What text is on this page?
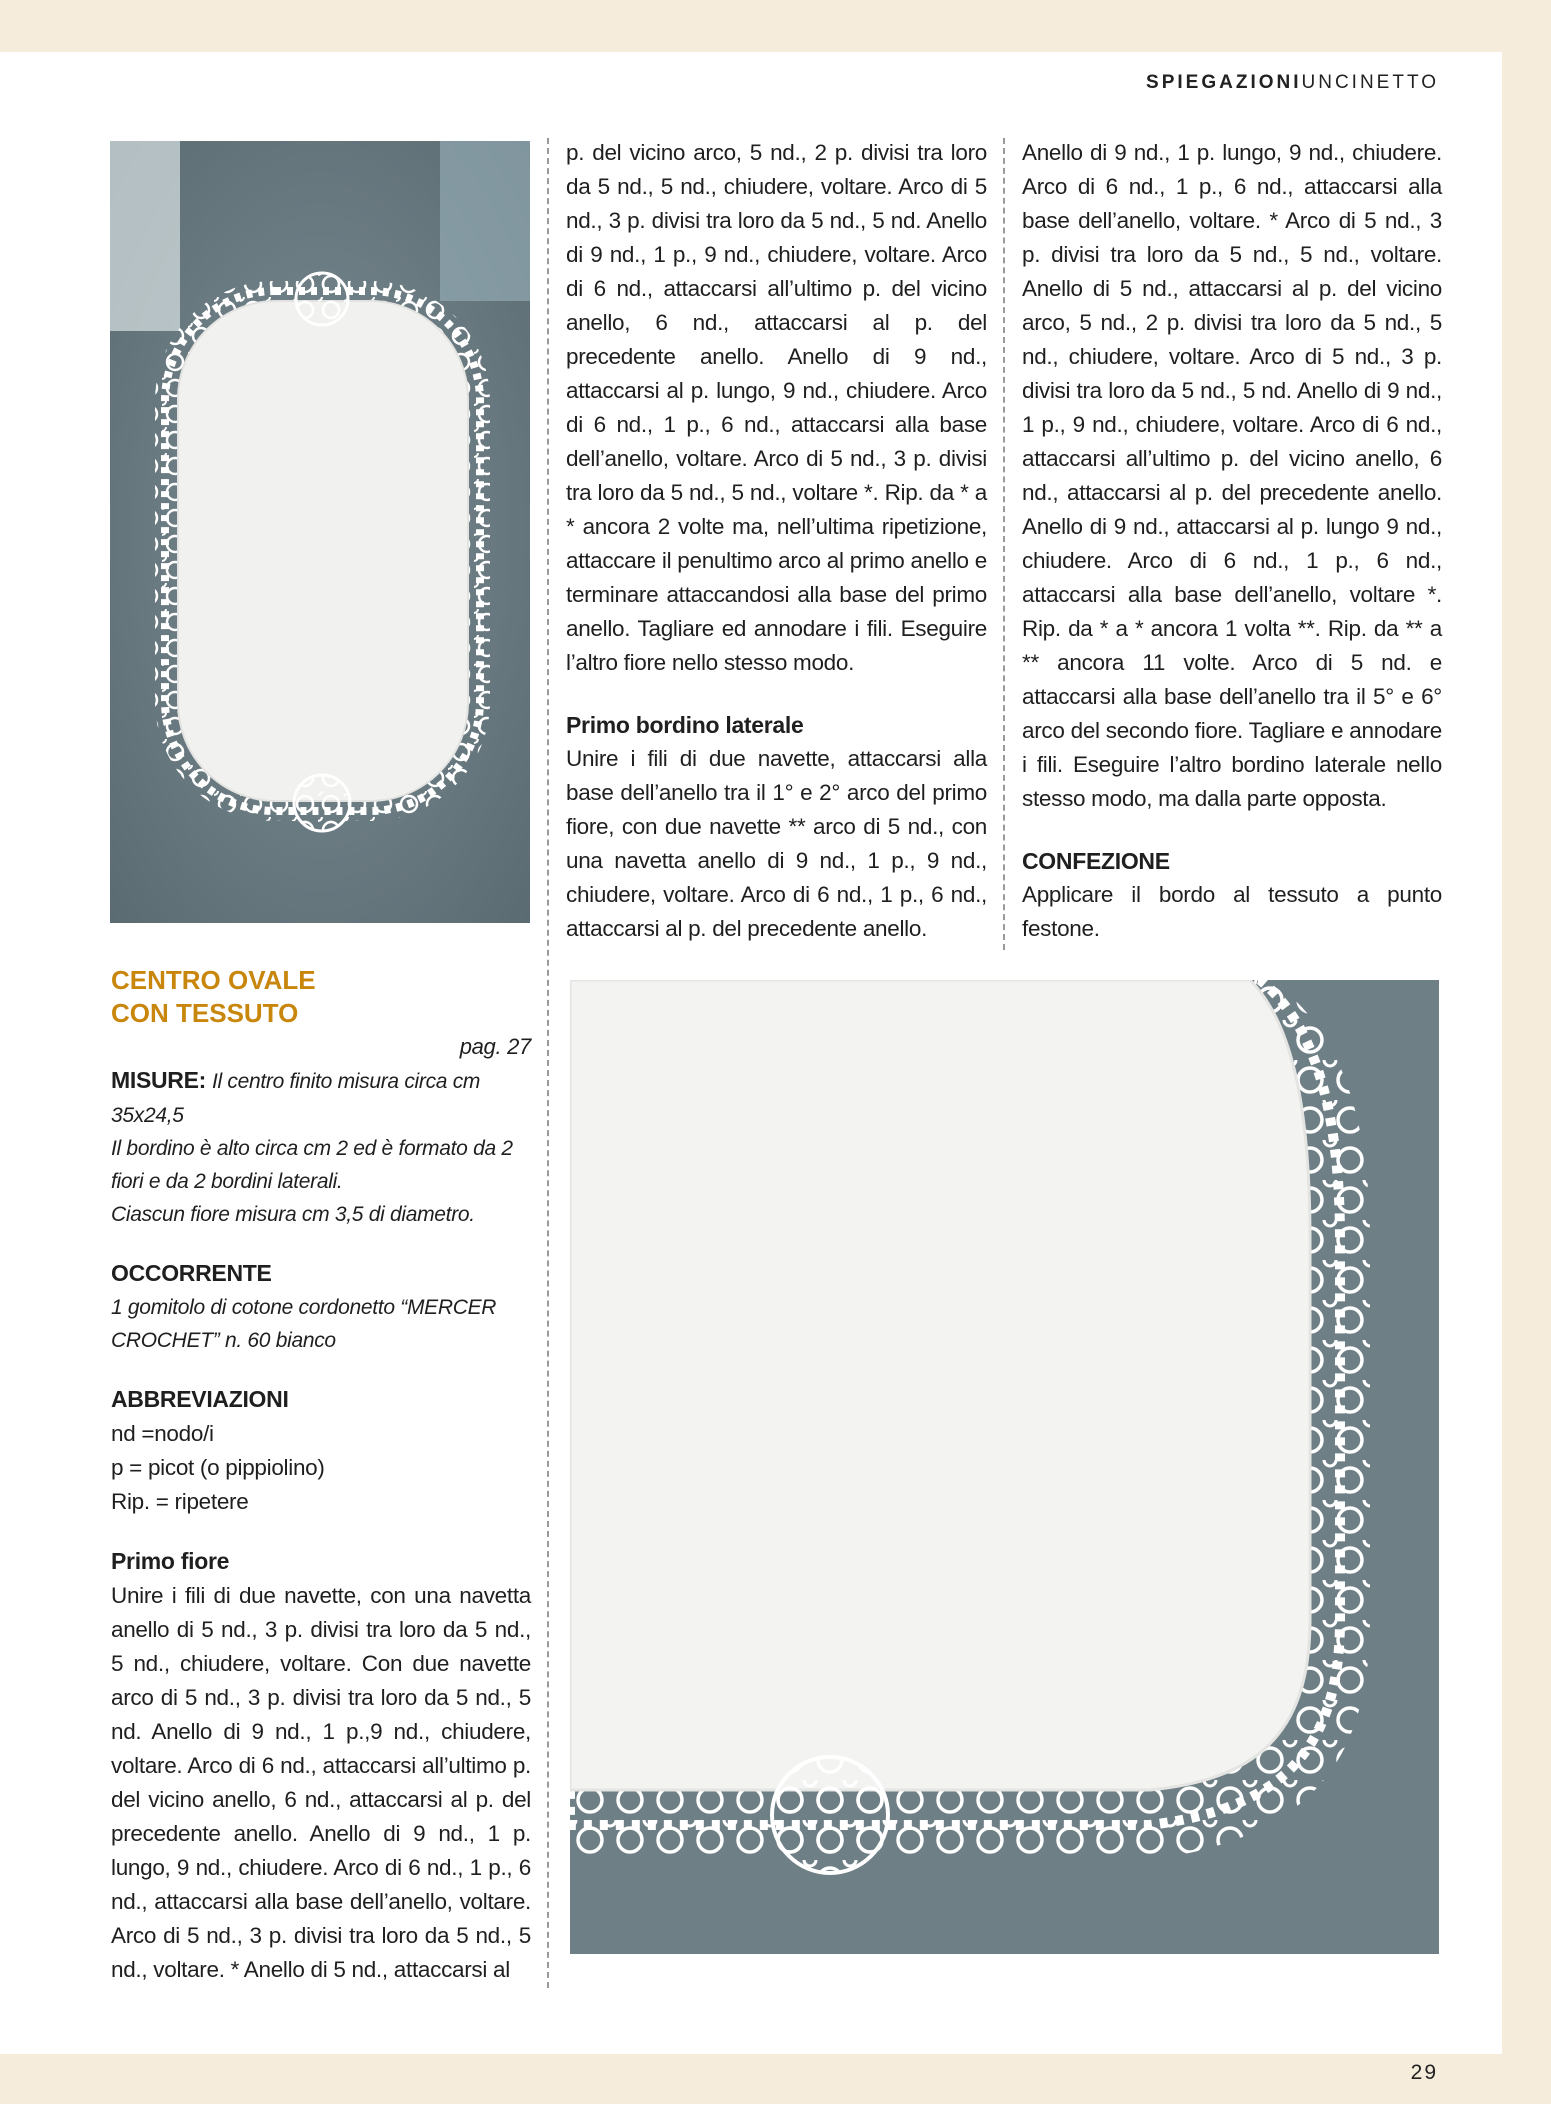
SPIEGAZIONIUNCINETTO

CENTRO OVALE

CON TESSUTO

pag. 27

MISURE: Il centro finito misura circa cm 35x24,5

Il bordino è alto circa cm 2 ed è formato da 2 fiori e da 2 bordini laterali.

Ciascun fiore misura cm 3,5 di diametro.

OCCORRENTE

1 gomitolo di cotone cordonetto “MERCER CROCHET” n. 60 bianco

ABBREVIAZIONI

nd =nodo/i

p = picot (o pippiolino)

Rip. = ripetere

Primo fiore

Unire i fili di due navette, con una navetta anello di 5 nd., 3 p. divisi tra loro da 5 nd., 5 nd., chiudere, voltare. Con due navette arco di 5 nd., 3 p. divisi tra loro da 5 nd., 5 nd. Anello di 9 nd., 1 p.,9 nd., chiudere, voltare. Arco di 6 nd., attaccarsi all’ultimo p. del vicino anello, 6 nd., attaccarsi al p. del precedente anello. Anello di 9 nd., 1 p. lungo, 9 nd., chiudere. Arco di 6 nd., 1 p., 6 nd., attaccarsi alla base dell’anello, voltare. Arco di 5 nd., 3 p. divisi tra loro da 5 nd., 5 nd., voltare. * Anello di 5 nd., attaccarsi al

p. del vicino arco, 5 nd., 2 p. divisi tra loro da 5 nd., 5 nd., chiudere, voltare. Arco di 5 nd., 3 p. divisi tra loro da 5 nd., 5 nd. Anello di 9 nd., 1 p., 9 nd., chiudere, voltare. Arco di 6 nd., attaccarsi all’ultimo p. del vicino anello, 6 nd., attaccarsi al p. del precedente anello. Anello di 9 nd., attaccarsi al p. lungo, 9 nd., chiudere. Arco di 6 nd., 1 p., 6 nd., attaccarsi alla base dell’anello, voltare. Arco di 5 nd., 3 p. divisi tra loro da 5 nd., 5 nd., voltare *. Rip. da * a * ancora 2 volte ma, nell’ultima ripetizione, attaccare il penultimo arco al primo anello e terminare attaccandosi alla base del primo anello. Tagliare ed annodare i fili. Eseguire l’altro fiore nello stesso modo.

Primo bordino laterale

Unire i fili di due navette, attaccarsi alla base dell’anello tra il 1° e 2° arco del primo fiore, con due navette ** arco di 5 nd., con una navetta anello di 9 nd., 1 p., 9 nd., chiudere, voltare. Arco di 6 nd., 1 p., 6 nd., attaccarsi al p. del precedente anello.

Anello di 9 nd., 1 p. lungo, 9 nd., chiudere. Arco di 6 nd., 1 p., 6 nd., attaccarsi alla base dell’anello, voltare. * Arco di 5 nd., 3 p. divisi tra loro da 5 nd., 5 nd., voltare. Anello di 5 nd., attaccarsi al p. del vicino arco, 5 nd., 2 p. divisi tra loro da 5 nd., 5 nd., chiudere, voltare. Arco di 5 nd., 3 p. divisi tra loro da 5 nd., 5 nd. Anello di 9 nd., 1 p., 9 nd., chiudere, voltare. Arco di 6 nd., attaccarsi all’ultimo p. del vicino anello, 6 nd., attaccarsi al p. del precedente anello. Anello di 9 nd., attaccarsi al p. lungo 9 nd., chiudere. Arco di 6 nd., 1 p., 6 nd., attaccarsi alla base dell’anello, voltare *. Rip. da * a * ancora 1 volta **. Rip. da ** a ** ancora 11 volte. Arco di 5 nd. e attaccarsi alla base dell’anello tra il 5° e 6° arco del secondo fiore. Tagliare e annodare i fili. Eseguire l’altro bordino laterale nello stesso modo, ma dalla parte opposta.

CONFEZIONE

Applicare il bordo al tessuto a punto festone.

29
